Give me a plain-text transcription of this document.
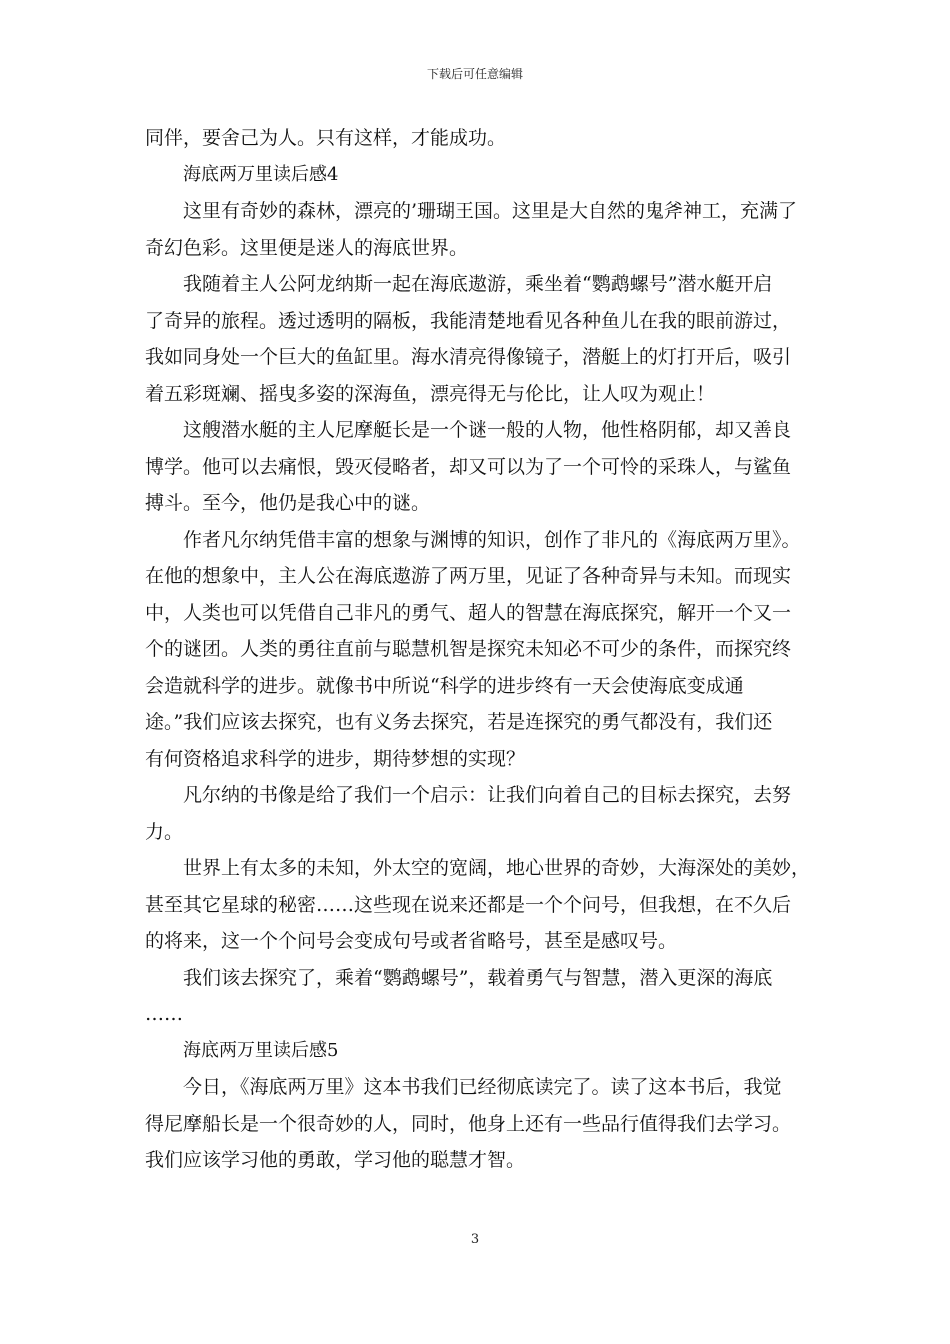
下载后可任意编辑
同伴，要舍己为人。只有这样，才能成功。
海底两万里读后感4
这里有奇妙的森林，漂亮的’珊瑚王国。这里是大自然的鬼斧神工，充满了
奇幻色彩。这里便是迷人的海底世界。
我随着主人公阿龙纳斯一起在海底遨游，乘坐着“鹦鹉螺号”潜水艇开启
了奇异的旅程。透过透明的隔板，我能清楚地看见各种鱼儿在我的眼前游过，
我如同身处一个巨大的鱼缸里。海水清亮得像镜子，潜艇上的灯打开后，吸引
着五彩斑斓、摇曳多姿的深海鱼，漂亮得无与伦比，让人叹为观止！
这艘潜水艇的主人尼摩艇长是一个谜一般的人物，他性格阴郁，却又善良
博学。他可以去痛恨，毁灭侵略者，却又可以为了一个可怜的采珠人，与鲨鱼
搏斗。至今，他仍是我心中的谜。
作者凡尔纳凭借丰富的想象与渊博的知识，创作了非凡的《海底两万里》。
在他的想象中，主人公在海底遨游了两万里，见证了各种奇异与未知。而现实
中，人类也可以凭借自己非凡的勇气、超人的智慧在海底探究，解开一个又一
个的谜团。人类的勇往直前与聪慧机智是探究未知必不可少的条件，而探究终
会造就科学的进步。就像书中所说“科学的进步终有一天会使海底变成通
途。”我们应该去探究，也有义务去探究，若是连探究的勇气都没有，我们还
有何资格追求科学的进步，期待梦想的实现？
凡尔纳的书像是给了我们一个启示：让我们向着自己的目标去探究，去努
力。
世界上有太多的未知，外太空的宽阔，地心世界的奇妙，大海深处的美妙，
甚至其它星球的秘密……这些现在说来还都是一个个问号，但我想，在不久后
的将来，这一个个问号会变成句号或者省略号，甚至是感叹号。
我们该去探究了，乘着“鹦鹉螺号”，载着勇气与智慧，潜入更深的海底
……
海底两万里读后感5
今日，《海底两万里》这本书我们已经彻底读完了。读了这本书后，我觉
得尼摩船长是一个很奇妙的人，同时，他身上还有一些品行值得我们去学习。
我们应该学习他的勇敢，学习他的聪慧才智。
3
